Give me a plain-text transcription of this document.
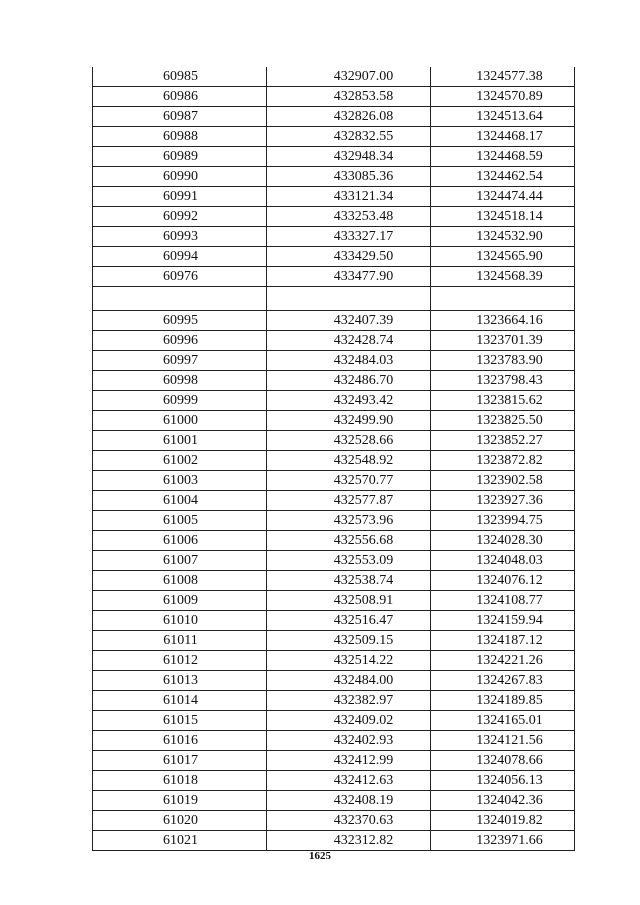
60985	432907.00	1324577.38
60986	432853.58	1324570.89
60987	432826.08	1324513.64
60988	432832.55	1324468.17
60989	432948.34	1324468.59
60990	433085.36	1324462.54
60991	433121.34	1324474.44
60992	433253.48	1324518.14
60993	433327.17	1324532.90
60994	433429.50	1324565.90
60976	433477.90	1324568.39

60995	432407.39	1323664.16
60996	432428.74	1323701.39
60997	432484.03	1323783.90
60998	432486.70	1323798.43
60999	432493.42	1323815.62
61000	432499.90	1323825.50
61001	432528.66	1323852.27
61002	432548.92	1323872.82
61003	432570.77	1323902.58
61004	432577.87	1323927.36
61005	432573.96	1323994.75
61006	432556.68	1324028.30
61007	432553.09	1324048.03
61008	432538.74	1324076.12
61009	432508.91	1324108.77
61010	432516.47	1324159.94
61011	432509.15	1324187.12
61012	432514.22	1324221.26
61013	432484.00	1324267.83
61014	432382.97	1324189.85
61015	432409.02	1324165.01
61016	432402.93	1324121.56
61017	432412.99	1324078.66
61018	432412.63	1324056.13
61019	432408.19	1324042.36
61020	432370.63	1324019.82
61021	432312.82	1323971.66
1625
